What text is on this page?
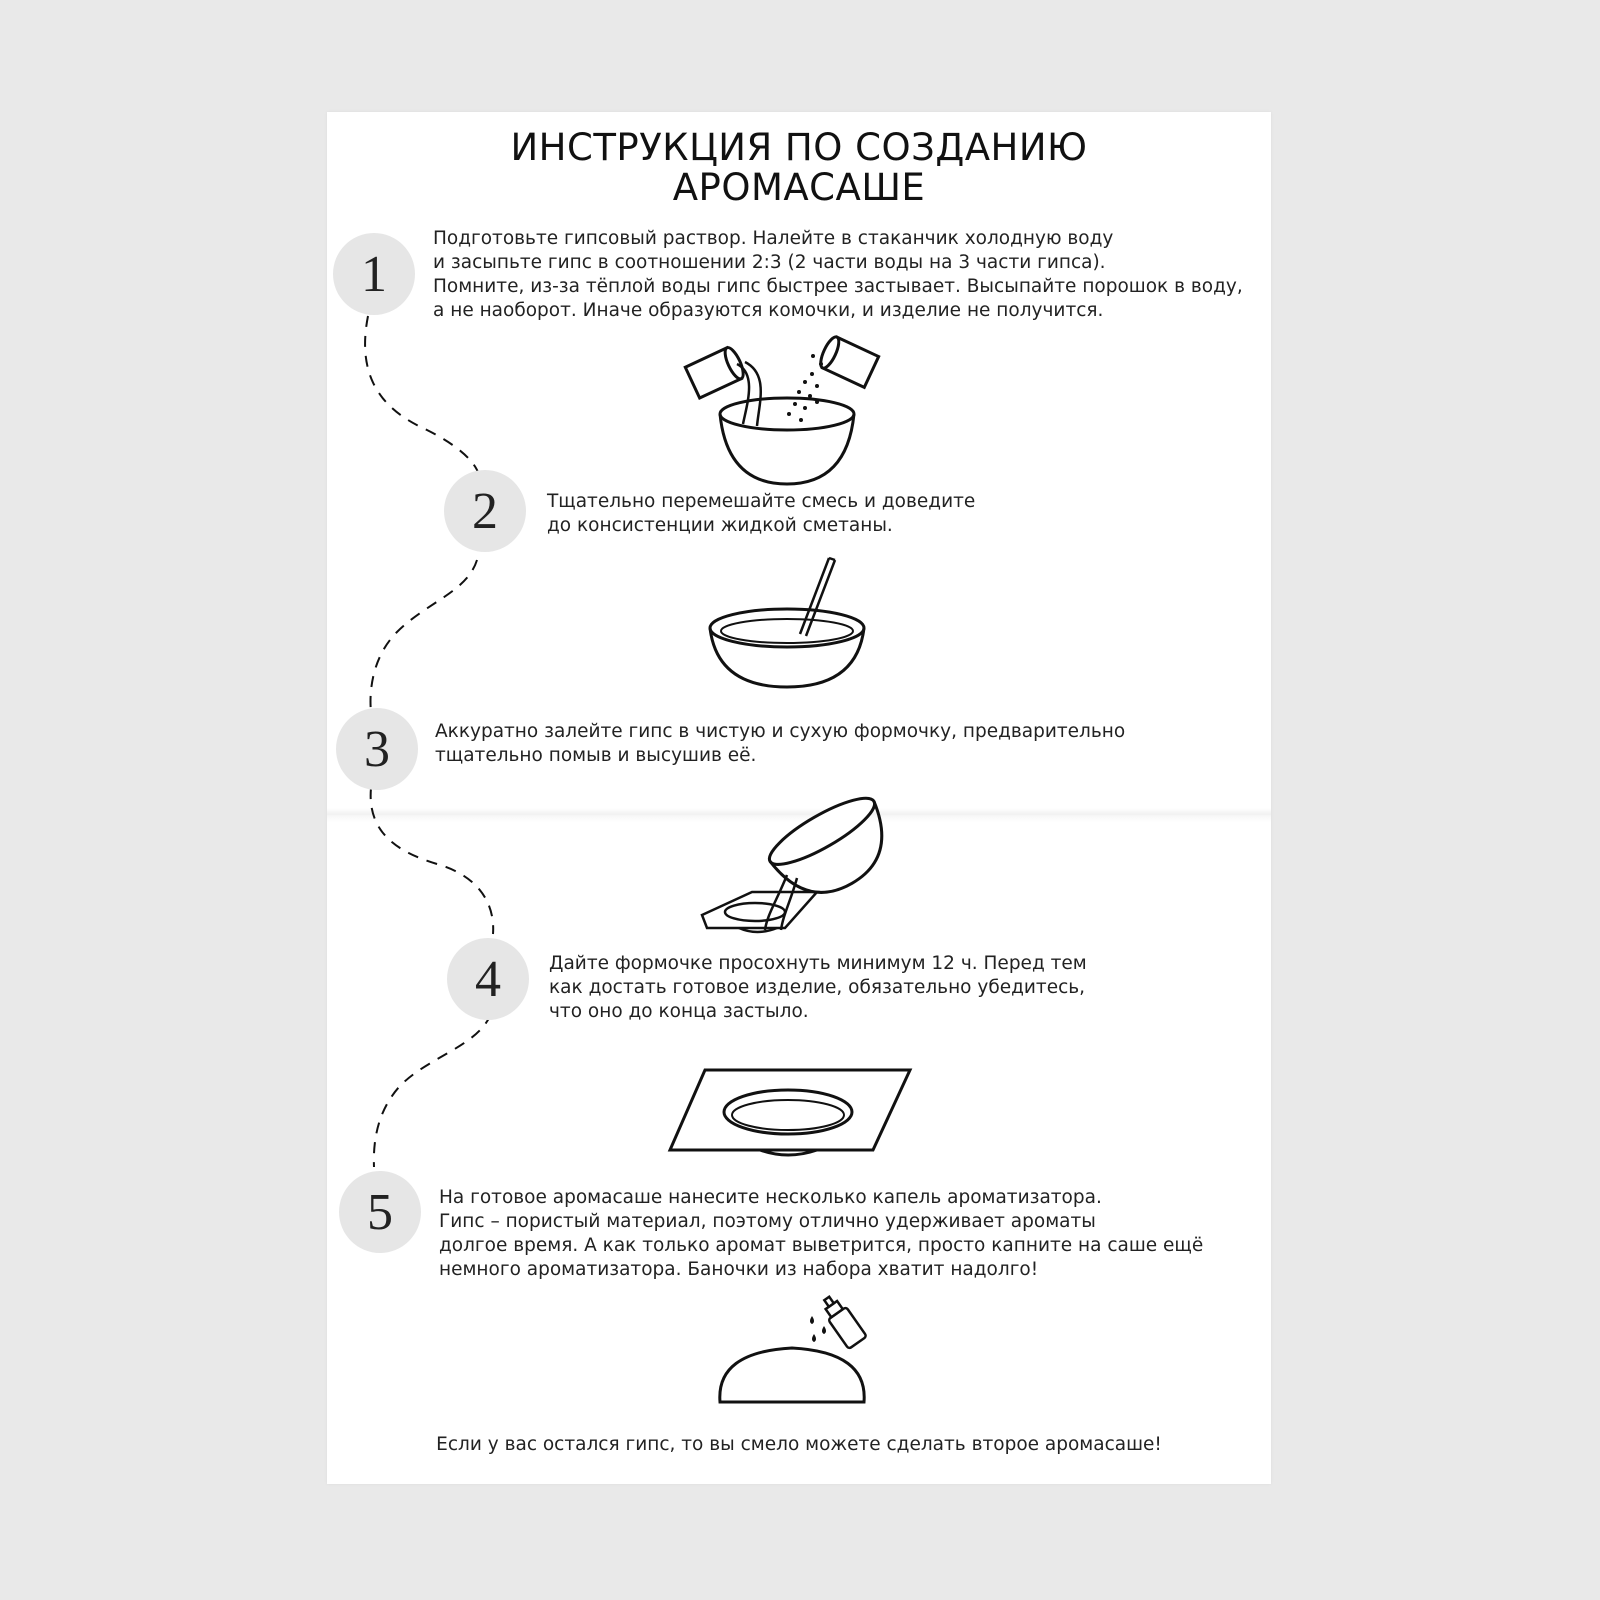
ИНСТРУКЦИЯ ПО СОЗДАНИЮ
АРОМАСАШЕ
1
Подготовьте гипсовый раствор. Налейте в стаканчик холодную воду
и засыпьте гипс в соотношении 2:3 (2 части воды на 3 части гипса).
Помните, из-за тёплой воды гипс быстрее застывает. Высыпайте порошок в воду,
а не наоборот. Иначе образуются комочки, и изделие не получится.
2	Тщательно перемешайте смесь и доведите
до консистенции жидкой сметаны.
3	Аккуратно залейте гипс в чистую и сухую формочку, предварительно
тщательно помыв и высушив её.
4	Дайте формочке просохнуть минимум 12 ч. Перед тем
как достать готовое изделие, обязательно убедитесь,
что оно до конца застыло.
5	На готовое аромасаше нанесите несколько капель ароматизатора.
Гипс – пористый материал, поэтому отлично удерживает ароматы
долгое время. А как только аромат выветрится, просто капните на саше ещё
немного ароматизатора. Баночки из набора хватит надолго!
Если у вас остался гипс, то вы смело можете сделать второе аромасаше!
